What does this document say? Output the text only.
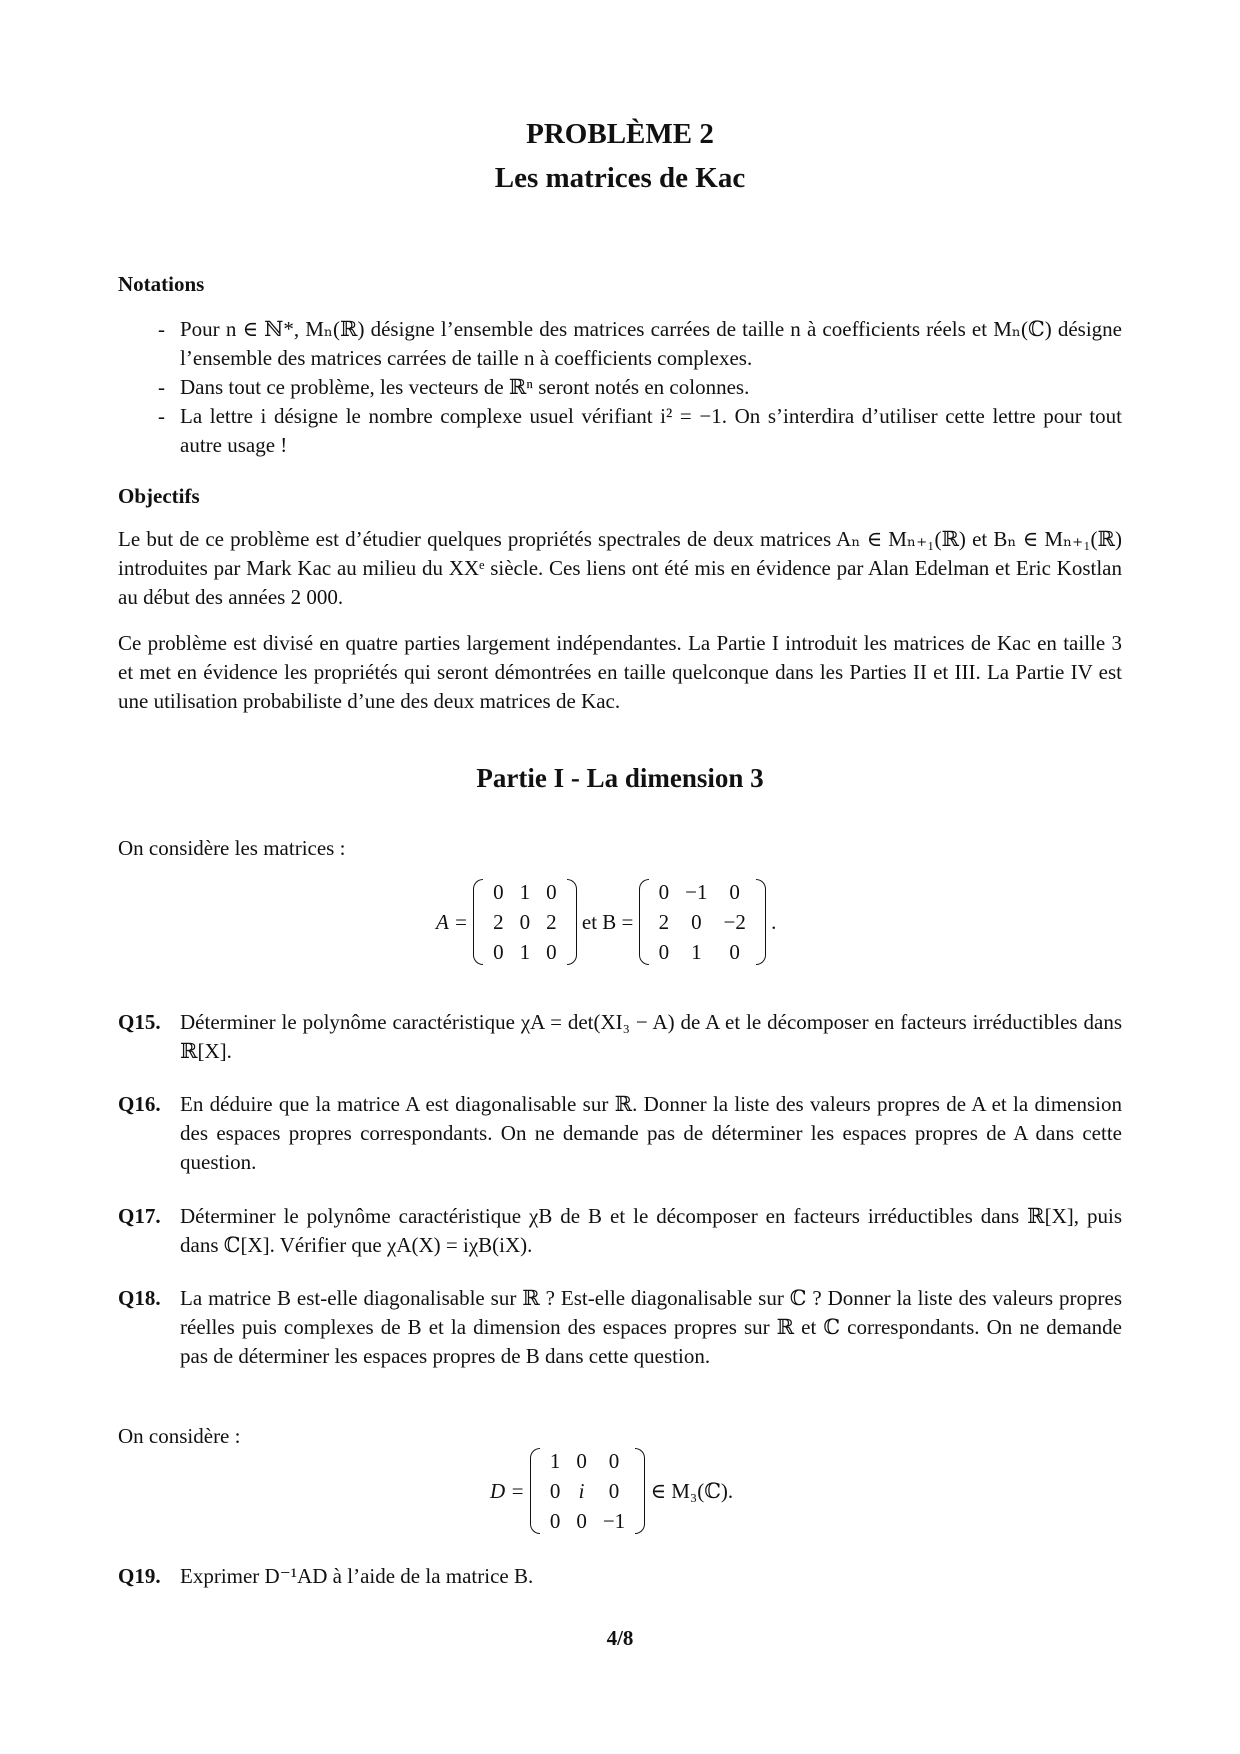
PROBLÈME 2
Les matrices de Kac
Notations
- Pour n ∈ ℕ*, Mₙ(ℝ) désigne l’ensemble des matrices carrées de taille n à coefficients réels et Mₙ(ℂ) désigne l’ensemble des matrices carrées de taille n à coefficients complexes.
- Dans tout ce problème, les vecteurs de ℝⁿ seront notés en colonnes.
- La lettre i désigne le nombre complexe usuel vérifiant i² = −1. On s’interdira d’utiliser cette lettre pour tout autre usage !
Objectifs
Le but de ce problème est d’étudier quelques propriétés spectrales de deux matrices Aₙ ∈ Mₙ₊₁(ℝ) et Bₙ ∈ Mₙ₊₁(ℝ) introduites par Mark Kac au milieu du XXᵉ siècle. Ces liens ont été mis en évidence par Alan Edelman et Eric Kostlan au début des années 2 000.
Ce problème est divisé en quatre parties largement indépendantes. La Partie I introduit les matrices de Kac en taille 3 et met en évidence les propriétés qui seront démontrées en taille quelconque dans les Parties II et III. La Partie IV est une utilisation probabiliste d’une des deux matrices de Kac.
Partie I - La dimension 3
On considère les matrices :
A =
0	1	0
2	0	2
0	1	0
et B =
0	−1	0
2	0	−2
0	1	0
.
Q15. Déterminer le polynôme caractéristique χA = det(XI₃ − A) de A et le décomposer en facteurs irréductibles dans ℝ[X].
Q16. En déduire que la matrice A est diagonalisable sur ℝ. Donner la liste des valeurs propres de A et la dimension des espaces propres correspondants. On ne demande pas de déterminer les espaces propres de A dans cette question.
Q17. Déterminer le polynôme caractéristique χB de B et le décomposer en facteurs irréductibles dans ℝ[X], puis dans ℂ[X]. Vérifier que χA(X) = iχB(iX).
Q18. La matrice B est-elle diagonalisable sur ℝ ? Est-elle diagonalisable sur ℂ ? Donner la liste des valeurs propres réelles puis complexes de B et la dimension des espaces propres sur ℝ et ℂ correspondants. On ne demande pas de déterminer les espaces propres de B dans cette question.
On considère :
D =
1	0	0
0	i	0
0	0	−1
∈ M₃(ℂ).
Q19. Exprimer D⁻¹AD à l’aide de la matrice B.
4/8
